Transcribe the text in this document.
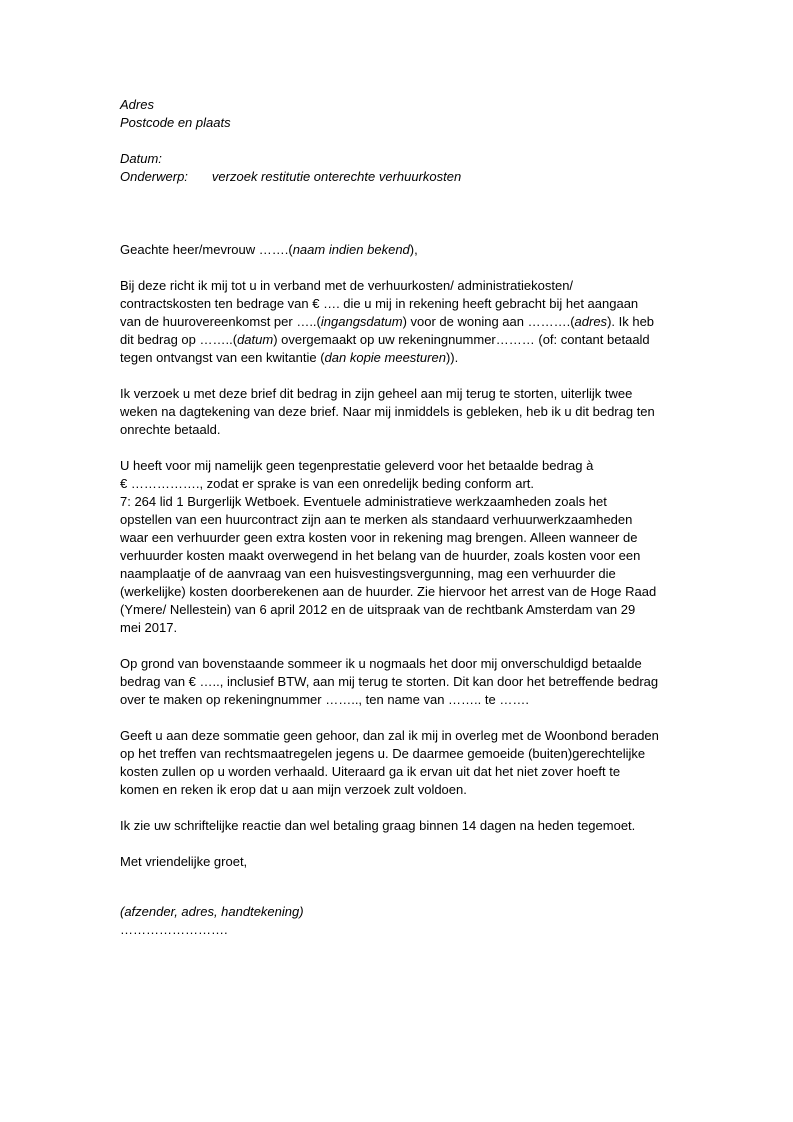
Adres
Postcode en plaats
Datum:
Onderwerp: verzoek restitutie onterechte verhuurkosten

Geachte heer/mevrouw …….(naam indien bekend),

Bij deze richt ik mij tot u in verband met de verhuurkosten/ administratiekosten/
contractskosten ten bedrage van € …. die u mij in rekening heeft gebracht bij het aangaan
van de huurovereenkomst per …..(ingangsdatum) voor de woning aan ……….(adres). Ik heb
dit bedrag op ……..(datum) overgemaakt op uw rekeningnummer……… (of: contant betaald
tegen ontvangst van een kwitantie (dan kopie meesturen)).

Ik verzoek u met deze brief dit bedrag in zijn geheel aan mij terug te storten, uiterlijk twee
weken na dagtekening van deze brief. Naar mij inmiddels is gebleken, heb ik u dit bedrag ten
onrechte betaald.

U heeft voor mij namelijk geen tegenprestatie geleverd voor het betaalde bedrag à
€ ……………., zodat er sprake is van een onredelijk beding conform art.
7: 264 lid 1 Burgerlijk Wetboek. Eventuele administratieve werkzaamheden zoals het
opstellen van een huurcontract zijn aan te merken als standaard verhuurwerkzaamheden
waar een verhuurder geen extra kosten voor in rekening mag brengen. Alleen wanneer de
verhuurder kosten maakt overwegend in het belang van de huurder, zoals kosten voor een
naamplaatje of de aanvraag van een huisvestingsvergunning, mag een verhuurder die
(werkelijke) kosten doorberekenen aan de huurder. Zie hiervoor het arrest van de Hoge Raad
(Ymere/ Nellestein) van 6 april 2012 en de uitspraak van de rechtbank Amsterdam van 29
mei 2017.

Op grond van bovenstaande sommeer ik u nogmaals het door mij onverschuldigd betaalde
bedrag van € ….., inclusief BTW, aan mij terug te storten. Dit kan door het betreffende bedrag
over te maken op rekeningnummer …….., ten name van …….. te …….

Geeft u aan deze sommatie geen gehoor, dan zal ik mij in overleg met de Woonbond beraden
op het treffen van rechtsmaatregelen jegens u. De daarmee gemoeide (buiten)gerechtelijke
kosten zullen op u worden verhaald. Uiteraard ga ik ervan uit dat het niet zover hoeft te
komen en reken ik erop dat u aan mijn verzoek zult voldoen.

Ik zie uw schriftelijke reactie dan wel betaling graag binnen 14 dagen na heden tegemoet.

Met vriendelijke groet,

(afzender, adres, handtekening)
…………………….
